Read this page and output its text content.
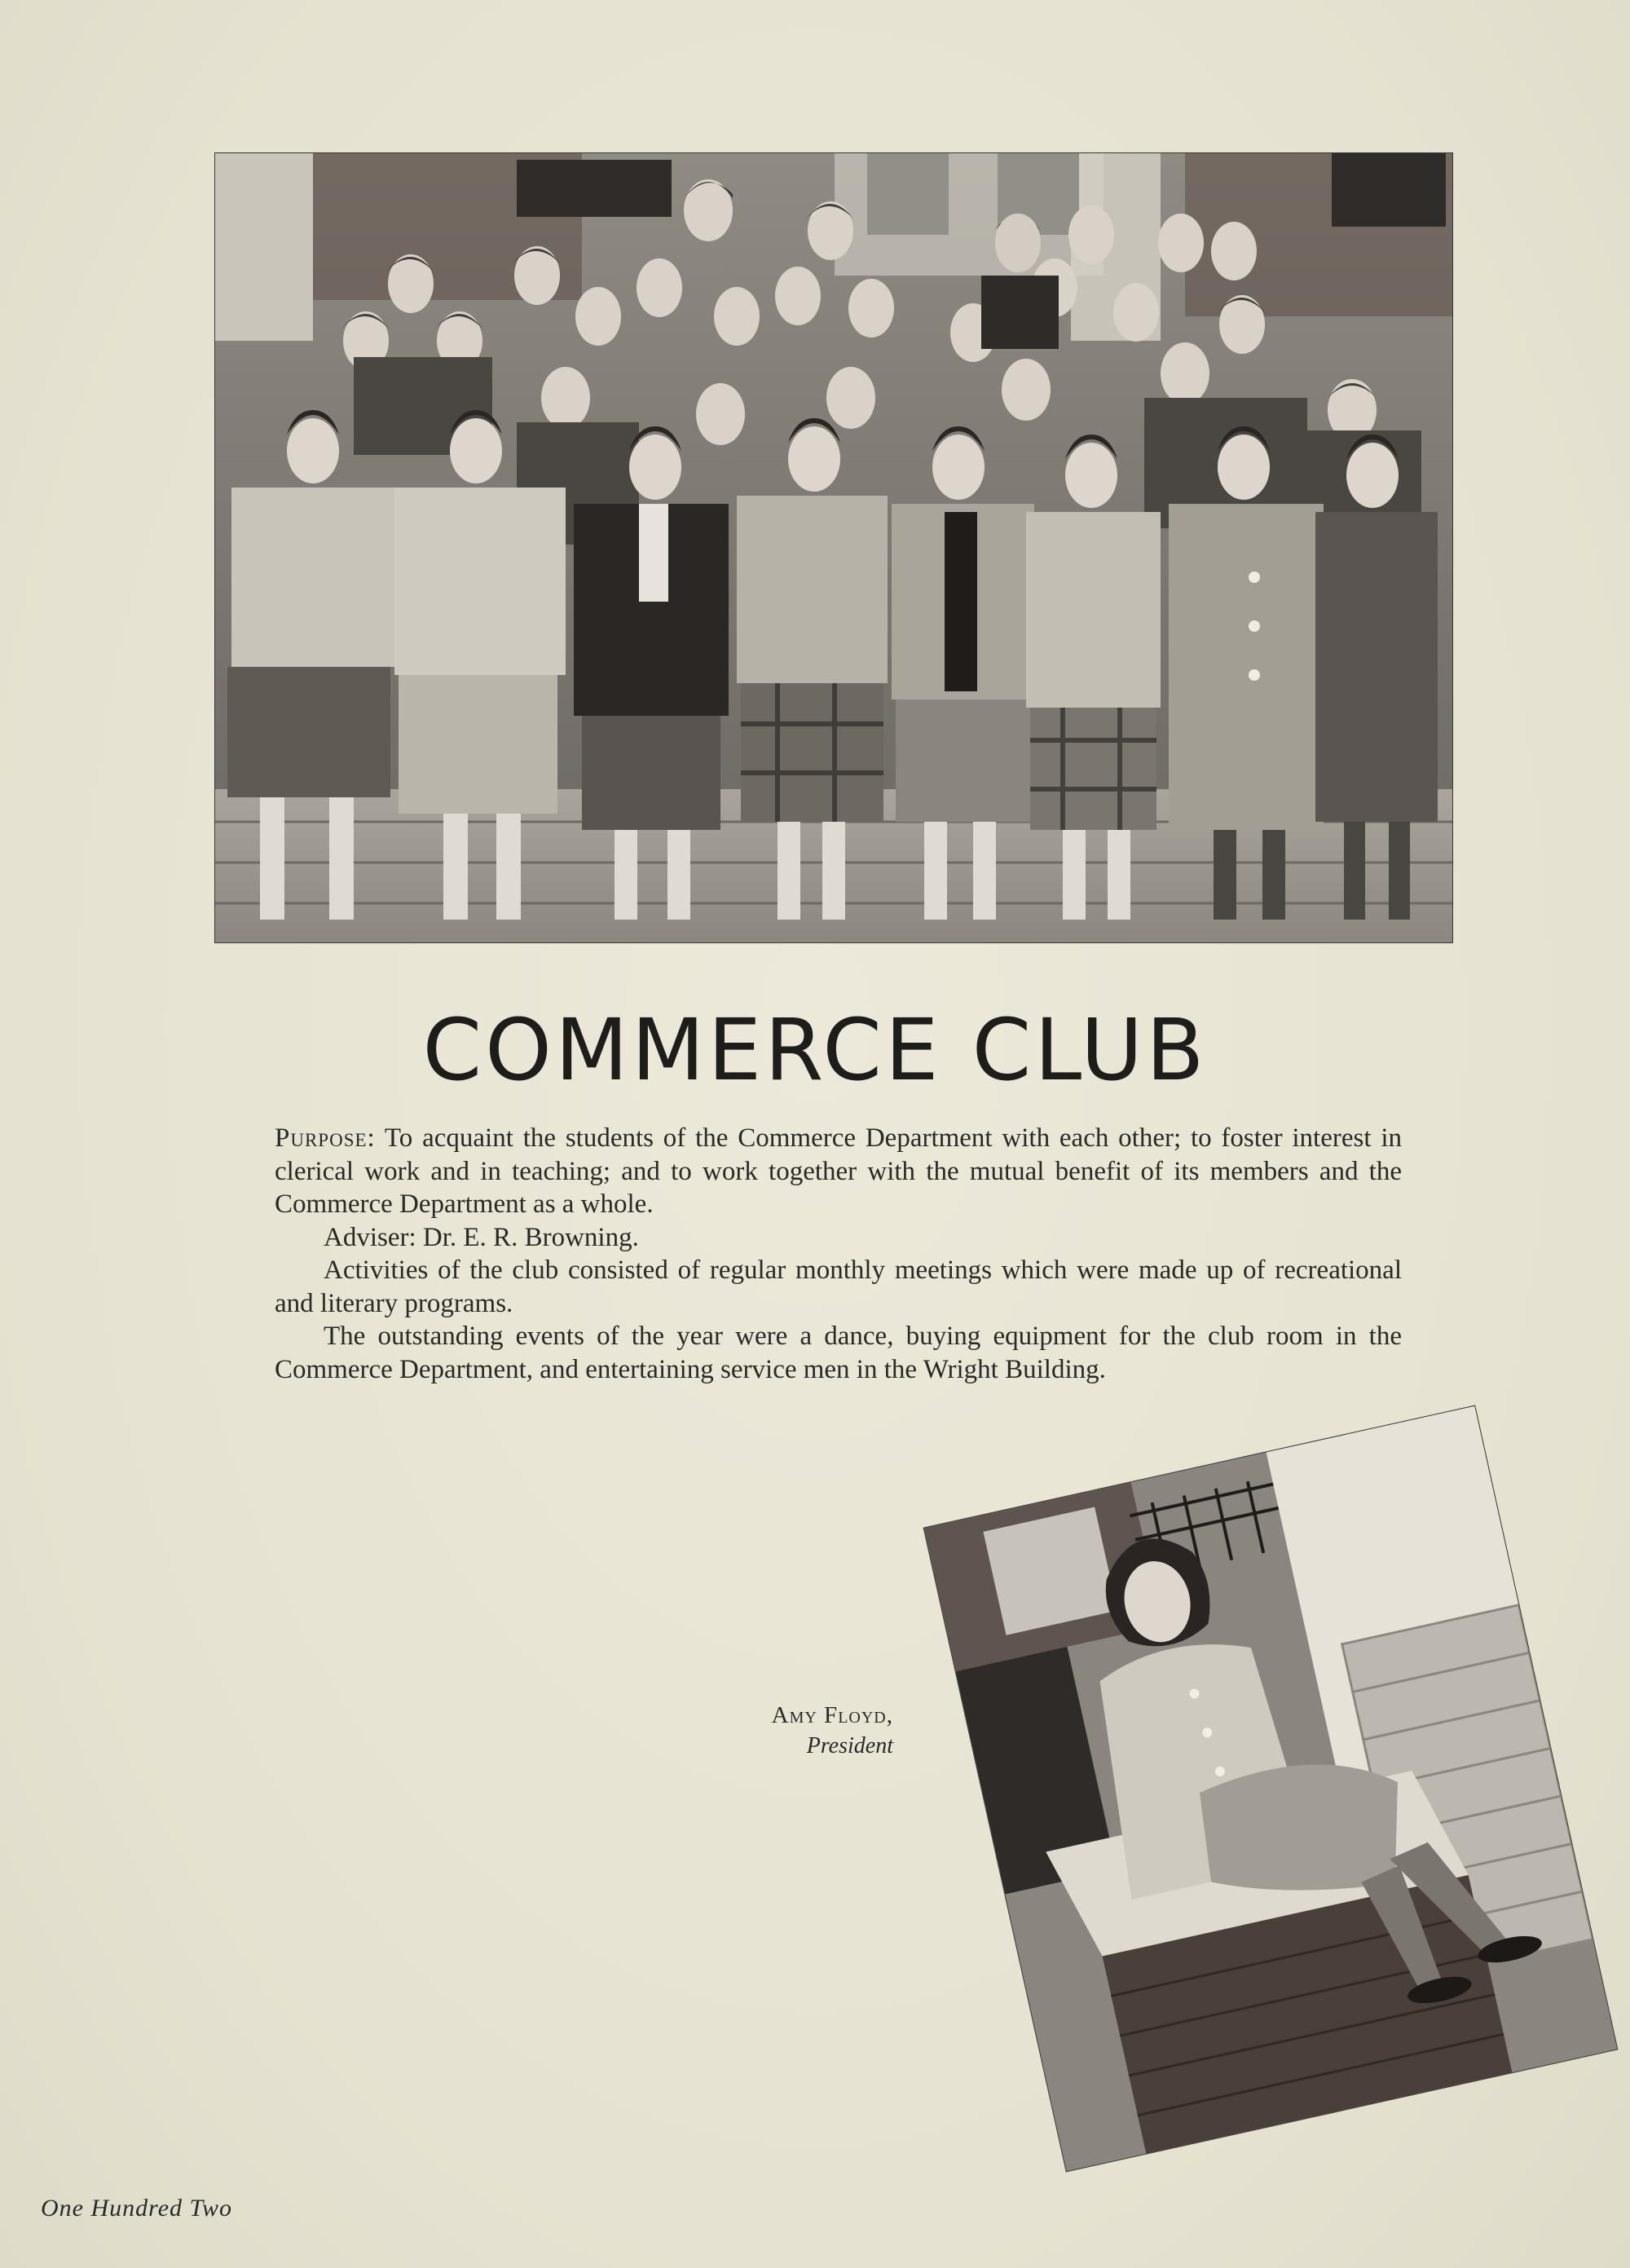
COMMERCE CLUB

Purpose: To acquaint the students of the Commerce Department with each other; to foster interest in clerical work and in teaching; and to work together with the mutual benefit of its members and the Commerce Department as a whole.

Adviser: Dr. E. R. Browning.

Activities of the club consisted of regular monthly meetings which were made up of recreational and literary programs.

The outstanding events of the year were a dance, buying equipment for the club room in the Commerce Department, and entertaining service men in the Wright Building.

Amy Floyd,
President
One Hundred Two
